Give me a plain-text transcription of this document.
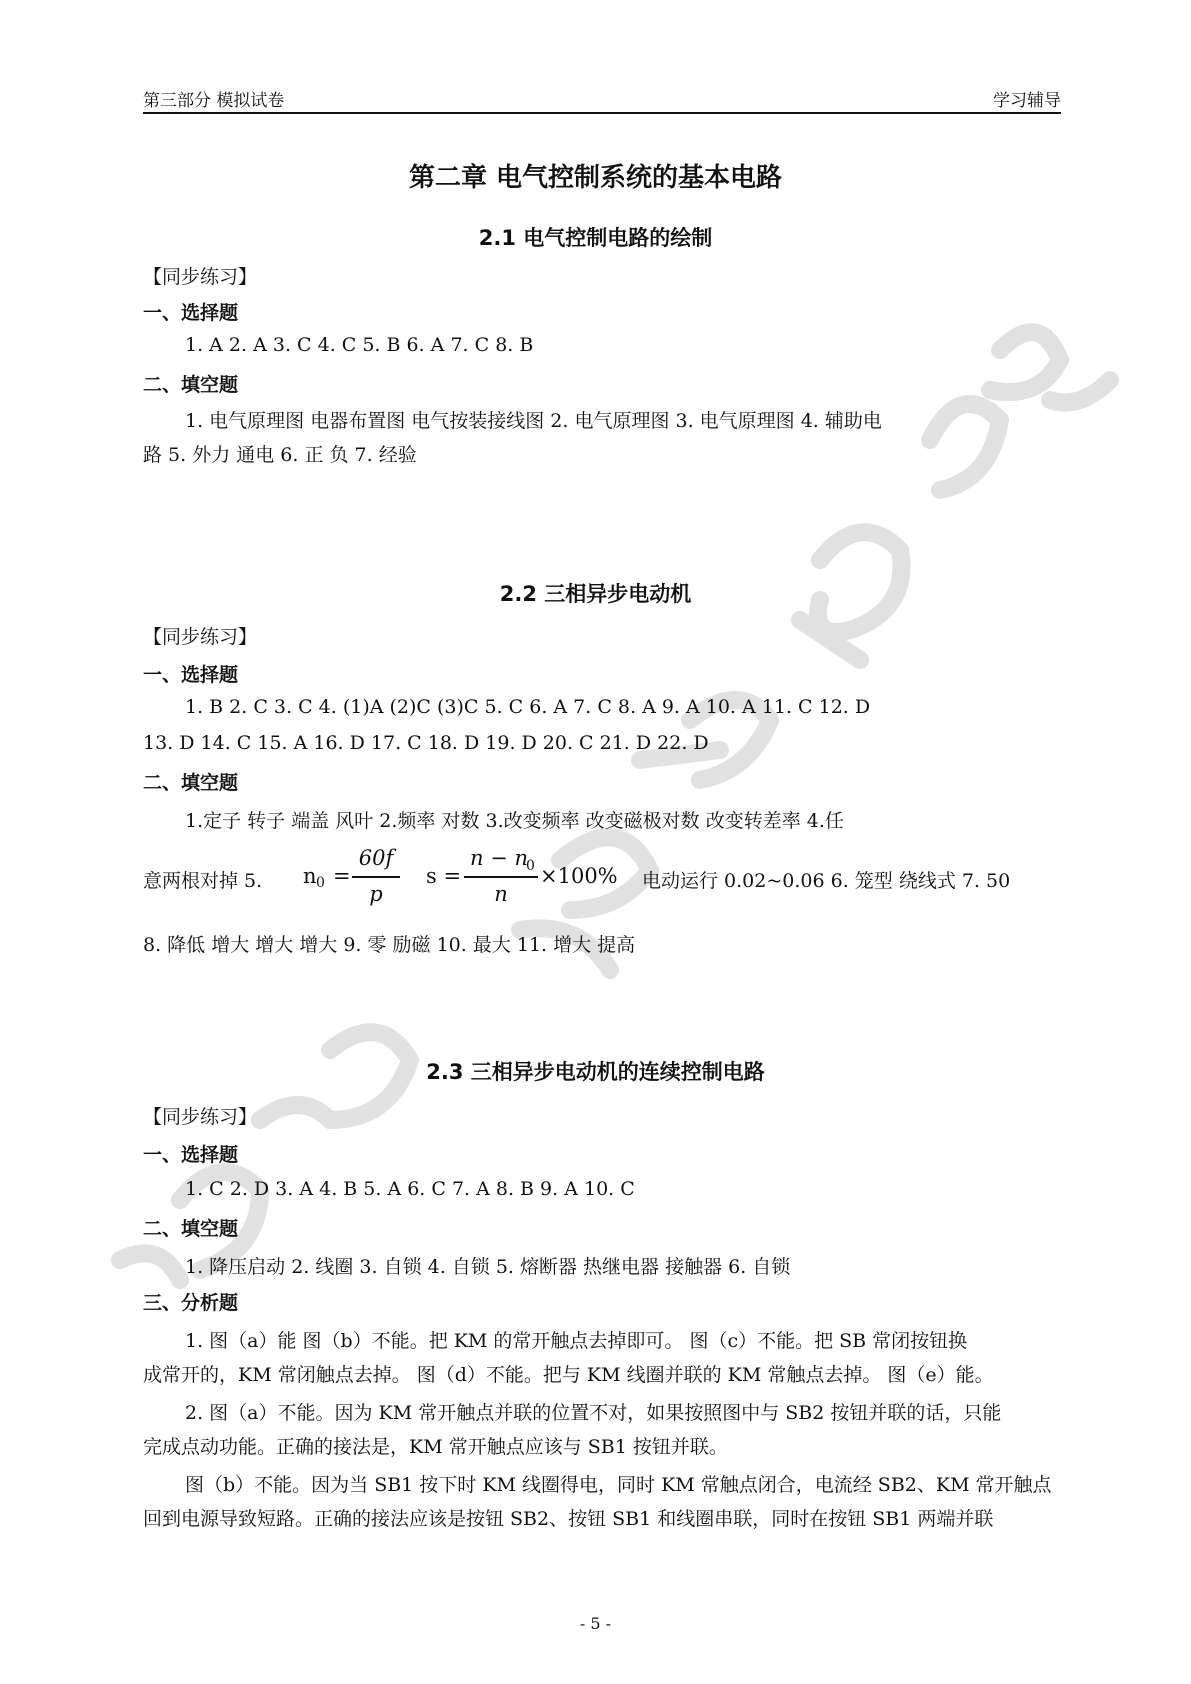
第三部分 模拟试卷	学习辅导
第二章 电气控制系统的基本电路
2.1 电气控制电路的绘制
【同步练习】
一、选择题
1. A 2. A 3. C 4. C 5. B 6. A 7. C 8. B
二、填空题
1. 电气原理图 电器布置图 电气按装接线图 2. 电气原理图 3. 电气原理图 4. 辅助电
路 5. 外力 通电 6. 正 负 7. 经验
2.2 三相异步电动机
【同步练习】
一、选择题
1. B 2. C 3. C 4. (1)A (2)C (3)C 5. C 6. A 7. C 8. A 9. A 10. A 11. C 12. D
13. D 14. C 15. A 16. D 17. C 18. D 19. D 20. C 21. D 22. D
二、填空题
1.定子 转子 端盖 风叶 2.频率 对数 3.改变频率 改变磁极对数 改变转差率 4.任
意两根对掉 5. n 0 =
60f
p
s =
n − n
0
n
×100% 电动运行 0.02~0.06 6. 笼型 绕线式 7. 50
8. 降低 增大 增大 增大 9. 零 励磁 10. 最大 11. 增大 提高
2.3 三相异步电动机的连续控制电路
【同步练习】
一、选择题
1. C 2. D 3. A 4. B 5. A 6. C 7. A 8. B 9. A 10. C
二、填空题
1. 降压启动 2. 线圈 3. 自锁 4. 自锁 5. 熔断器 热继电器 接触器 6. 自锁
三、分析题
1. 图（a）能 图（b）不能。把 KM 的常开触点去掉即可。 图（c）不能。把 SB 常闭按钮换
成常开的，KM 常闭触点去掉。 图（d）不能。把与 KM 线圈并联的 KM 常触点去掉。 图（e）能。
2. 图（a）不能。因为 KM 常开触点并联的位置不对，如果按照图中与 SB2 按钮并联的话，只能
完成点动功能。正确的接法是，KM 常开触点应该与 SB1 按钮并联。
图（b）不能。因为当 SB1 按下时 KM 线圈得电，同时 KM 常触点闭合，电流经 SB2、KM 常开触点
回到电源导致短路。正确的接法应该是按钮 SB2、按钮 SB1 和线圈串联，同时在按钮 SB1 两端并联
- 5 -
